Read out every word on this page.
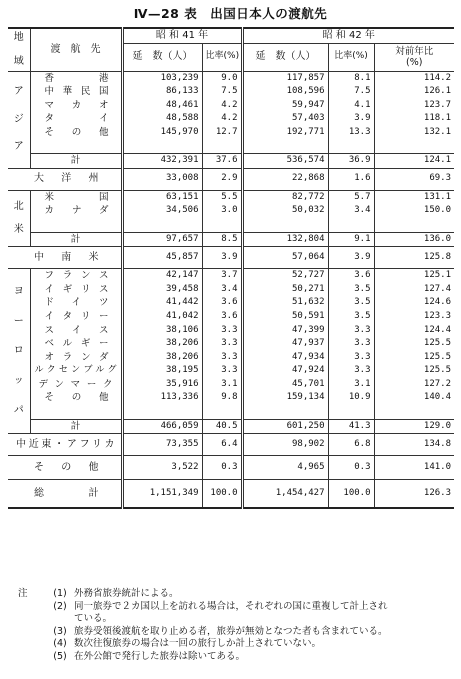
Ⅳ—28 表　出国日本人の渡航先
地
域	渡　航　先	昭 和 41 年		昭 和 42 年		
		延　数（人）	比率(%)	延　数（人）	比率(%)	対前年比
(%)

ア
ジ
ア	香　　港	103,239	9.0	117,857	8.1	114.2
	中華民国	86,133	7.5	108,596	7.5	126.1
	マカオ	48,461	4.2	59,947	4.1	123.7
	タイ	48,588	4.2	57,403	3.9	118.1
	その他	145,970	12.7	192,771	13.3	132.1

	計	432,391	37.6	536,574	36.9	124.1
大洋州		33,008	2.9	22,868	1.6	69.3

北
米	米　国	63,151	5.5	82,772	5.7	131.1
	カナダ	34,506	3.0	50,032	3.4	150.0

	計	97,657	8.5	132,804	9.1	136.0
中南米		45,857	3.9	57,064	3.9	125.8

ヨ
ー
ロ
ッ
パ	フランス	42,147	3.7	52,727	3.6	125.1
	イギリス	39,458	3.4	50,271	3.5	127.4
	ドイツ	41,442	3.6	51,632	3.5	124.6
	イタリー	41,042	3.6	50,591	3.5	123.3
	スイス	38,106	3.3	47,399	3.3	124.4
	ベルギー	38,206	3.3	47,937	3.3	125.5
	オランダ	38,206	3.3	47,934	3.3	125.5
	ルクセンブルグ	38,195	3.3	47,924	3.3	125.5
	デンマーク	35,916	3.1	45,701	3.1	127.2
	その他	113,336	9.8	159,134	10.9	140.4

	計	466,059	40.5	601,250	41.3	129.0
中近東・アフリカ		73,355	6.4	98,902	6.8	134.8
その他		3,522	0.3	4,965	0.3	141.0
総　計		1,151,349	100.0	1,454,427	100.0	126.3
注	(1) 外務省旅券統計による。
(2) 同一旅券で２カ国以上を訪れる場合は，それぞれの国に重複して計上され
ている。
(3) 旅券受領後渡航を取り止める者，旅券が無効となつた者も含まれている。
(4) 数次往復旅券の場合は一回の旅行しか計上されていない。
(5) 在外公館で発行した旅券は除いてある。
